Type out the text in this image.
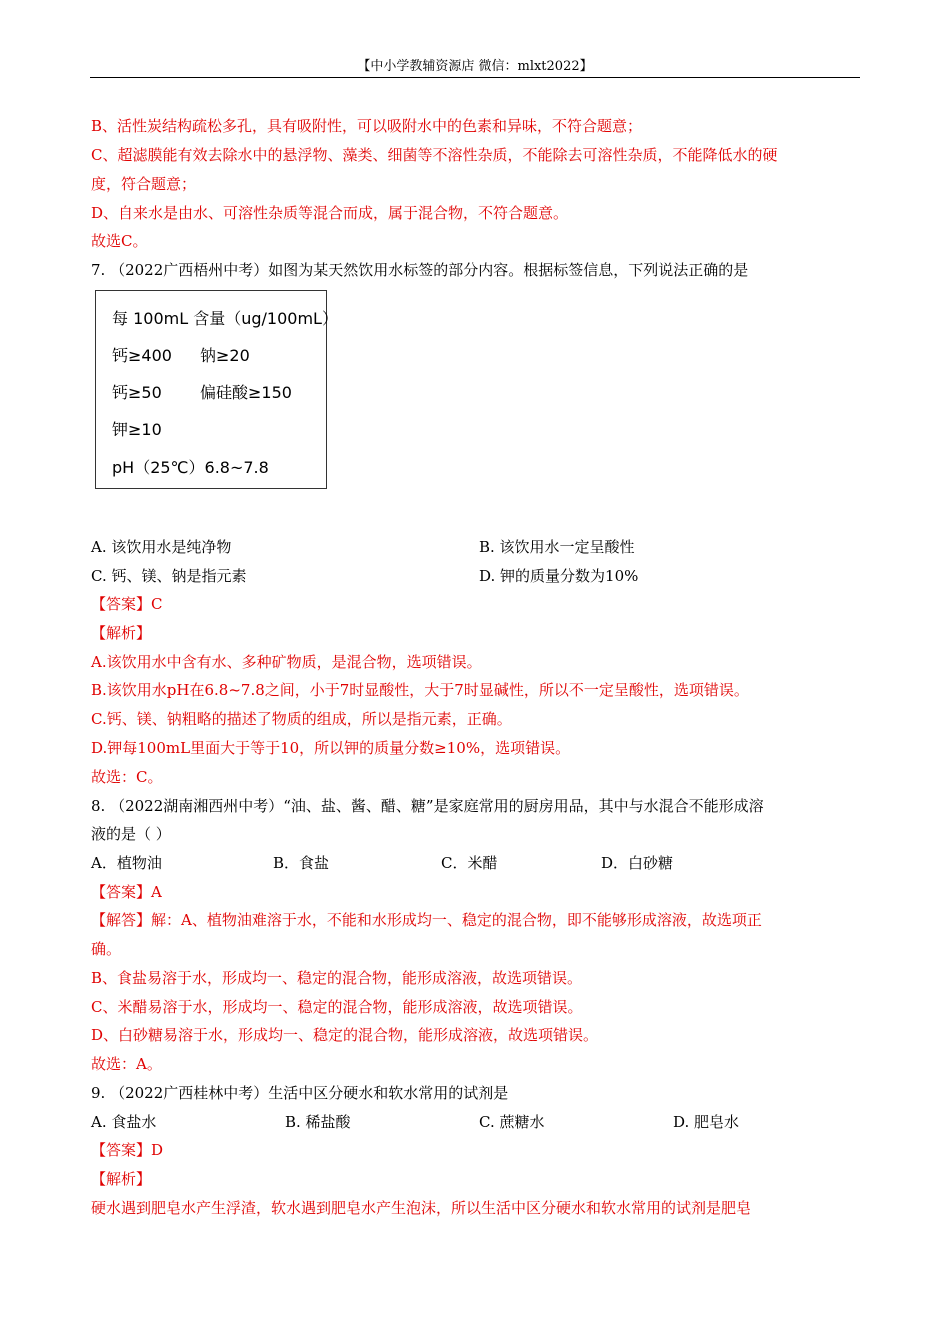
【中小学教辅资源店 微信：mlxt2022】
B、活性炭结构疏松多孔，具有吸附性，可以吸附水中的色素和异味，不符合题意；
C、超滤膜能有效去除水中的悬浮物、藻类、细菌等不溶性杂质，不能除去可溶性杂质，不能降低水的硬
度，符合题意；
D、自来水是由水、可溶性杂质等混合而成，属于混合物，不符合题意。
故选C。
7. （2022广西梧州中考）如图为某天然饮用水标签的部分内容。根据标签信息，下列说法正确的是
每 100mL 含量（ug/100mL）
钙≥400 钠≥20
钙≥50 偏硅酸≥150
钾≥10
pH（25℃）6.8~7.8
A. 该饮用水是纯净物	B. 该饮用水一定呈酸性
C. 钙、镁、钠是指元素	D. 钾的质量分数为10%
【答案】C
【解析】
A.该饮用水中含有水、多种矿物质，是混合物，选项错误。
B.该饮用水pH在6.8~7.8之间，小于7时显酸性，大于7时显碱性，所以不一定呈酸性，选项错误。
C.钙、镁、钠粗略的描述了物质的组成，所以是指元素，正确。
D.钾每100mL里面大于等于10，所以钾的质量分数≥10%，选项错误。
故选：C。
8. （2022湖南湘西州中考）“油、盐、酱、醋、糖”是家庭常用的厨房用品，其中与水混合不能形成溶
液的是（ ）
A．植物油	B．食盐	C．米醋	D．白砂糖
【答案】A
【解答】解：A、植物油难溶于水，不能和水形成均一、稳定的混合物，即不能够形成溶液，故选项正
确。
B、食盐易溶于水，形成均一、稳定的混合物，能形成溶液，故选项错误。
C、米醋易溶于水，形成均一、稳定的混合物，能形成溶液，故选项错误。
D、白砂糖易溶于水，形成均一、稳定的混合物，能形成溶液，故选项错误。
故选：A。
9. （2022广西桂林中考）生活中区分硬水和软水常用的试剂是
A. 食盐水	B. 稀盐酸	C. 蔗糖水	D. 肥皂水
【答案】D
【解析】
硬水遇到肥皂水产生浮渣，软水遇到肥皂水产生泡沫，所以生活中区分硬水和软水常用的试剂是肥皂
